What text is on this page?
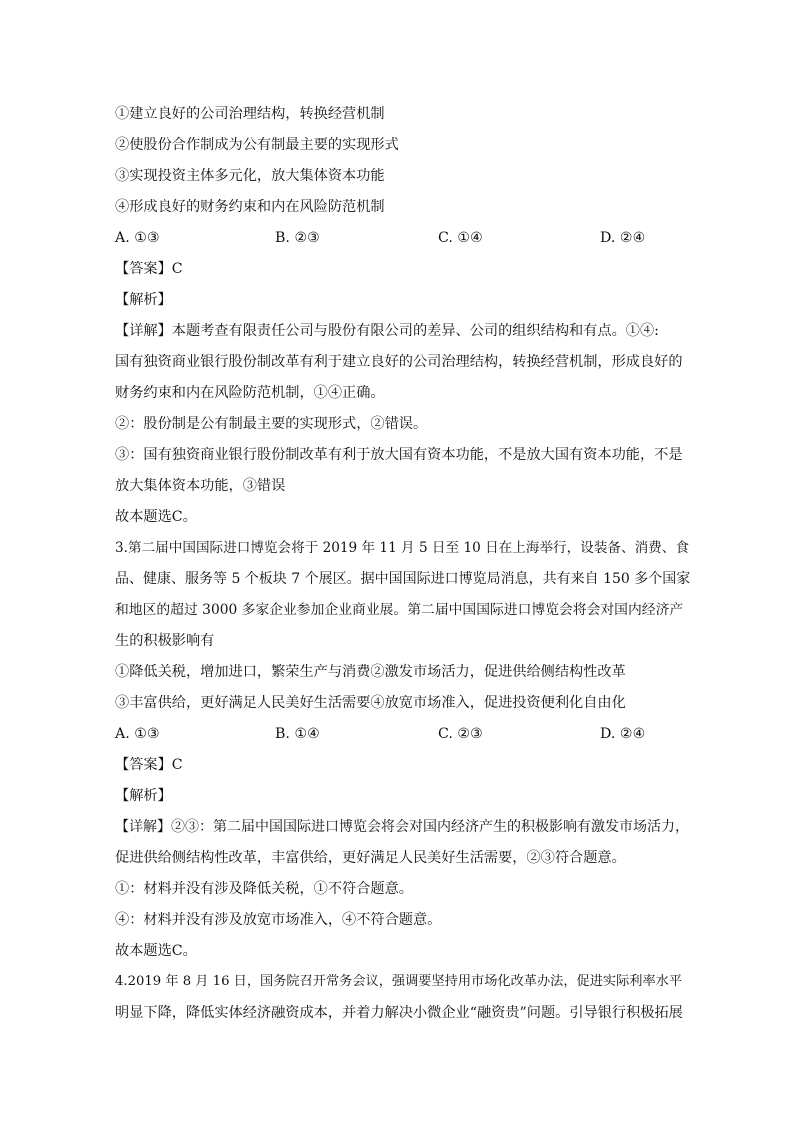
①建立良好的公司治理结构，转换经营机制
②使股份合作制成为公有制最主要的实现形式
③实现投资主体多元化，放大集体资本功能
④形成良好的财务约束和内在风险防范机制
A. ①③	B. ②③	C. ①④	D. ②④
【答案】C
【解析】
【详解】本题考查有限责任公司与股份有限公司的差异、公司的组织结构和有点。①④:
国有独资商业银行股份制改革有利于建立良好的公司治理结构，转换经营机制，形成良好的
财务约束和内在风险防范机制，①④正确。
②：股份制是公有制最主要的实现形式，②错误。
③：国有独资商业银行股份制改革有利于放大国有资本功能，不是放大国有资本功能，不是
放大集体资本功能，③错误
故本题选C。
3.第二届中国国际进口博览会将于 2019 年 11 月 5 日至 10 日在上海举行，设装备、消费、食
品、健康、服务等 5 个板块 7 个展区。据中国国际进口博览局消息，共有来自 150 多个国家
和地区的超过 3000 多家企业参加企业商业展。第二届中国国际进口博览会将会对国内经济产
生的积极影响有
①降低关税，增加进口，繁荣生产与消费②激发市场活力，促进供给侧结构性改革
③丰富供给，更好满足人民美好生活需要④放宽市场准入，促进投资便利化自由化
A. ①③	B. ①④	C. ②③	D. ②④
【答案】C
【解析】
【详解】②③：第二届中国国际进口博览会将会对国内经济产生的积极影响有激发市场活力，
促进供给侧结构性改革，丰富供给，更好满足人民美好生活需要，②③符合题意。
①：材料并没有涉及降低关税，①不符合题意。
④：材料并没有涉及放宽市场准入，④不符合题意。
故本题选C。
4.2019 年 8 月 16 日，国务院召开常务会议，强调要坚持用市场化改革办法，促进实际利率水平
明显下降，降低实体经济融资成本，并着力解决小微企业“融资贵”问题。引导银行积极拓展
